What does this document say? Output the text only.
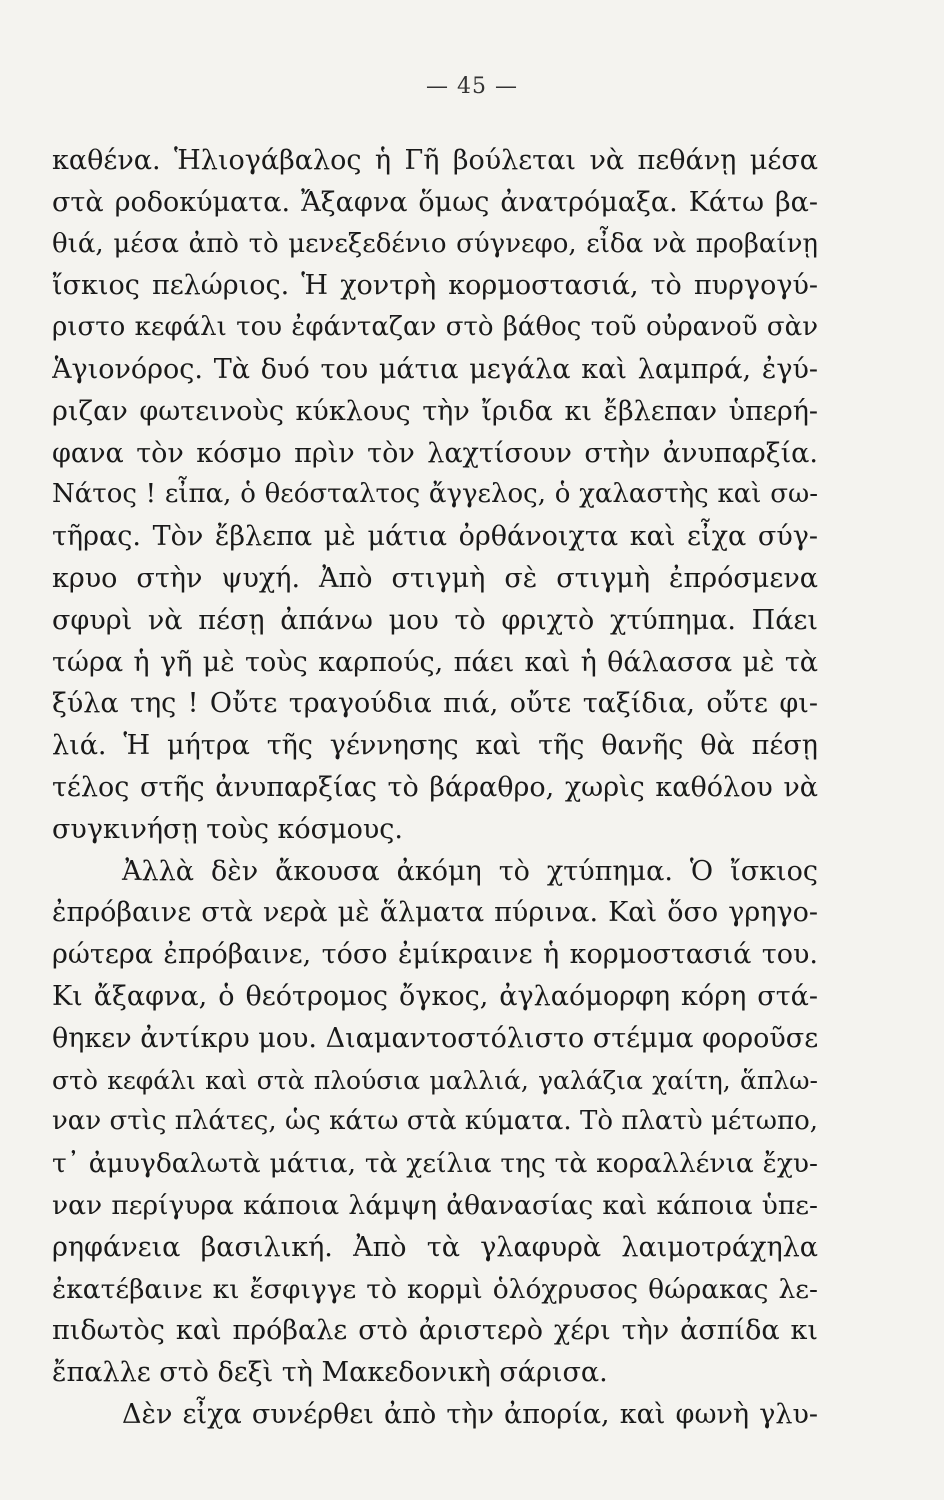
— 45 —
καθένα. Ἡλιογάβαλος ἡ Γῆ βούλεται νὰ πεθάνῃ μέσα
στὰ ροδοκύματα. Ἄξαφνα ὅμως ἀνατρόμαξα. Κάτω βα-
θιά, μέσα ἀπὸ τὸ μενεξεδένιο σύγνεφο, εἶδα νὰ προβαίνῃ
ἴσκιος πελώριος. Ἡ χοντρὴ κορμοστασιά, τὸ πυργογύ-
ριστο κεφάλι του ἐφάνταζαν στὸ βάθος τοῦ οὐρανοῦ σὰν
Ἁγιονόρος. Τὰ δυό του μάτια μεγάλα καὶ λαμπρά, ἐγύ-
ριζαν φωτεινοὺς κύκλους τὴν ἴριδα κι ἔβλεπαν ὑπερή-
φανα τὸν κόσμο πρὶν τὸν λαχτίσουν στὴν ἀνυπαρξία.
Νάτος ! εἶπα, ὁ θεόσταλτος ἄγγελος, ὁ χαλαστὴς καὶ σω-
τῆρας. Τὸν ἔβλεπα μὲ μάτια ὀρθάνοιχτα καὶ εἶχα σύγ-
κρυο στὴν ψυχή. Ἀπὸ στιγμὴ σὲ στιγμὴ ἐπρόσμενα
σφυρὶ νὰ πέσῃ ἀπάνω μου τὸ φριχτὸ χτύπημα. Πάει
τώρα ἡ γῆ μὲ τοὺς καρπούς, πάει καὶ ἡ θάλασσα μὲ τὰ
ξύλα της ! Οὔτε τραγούδια πιά, οὔτε ταξίδια, οὔτε φι-
λιά. Ἡ μήτρα τῆς γέννησης καὶ τῆς θανῆς θὰ πέσῃ
τέλος στῆς ἀνυπαρξίας τὸ βάραθρο, χωρὶς καθόλου νὰ
συγκινήσῃ τοὺς κόσμους.
Ἀλλὰ δὲν ἄκουσα ἀκόμη τὸ χτύπημα. Ὁ ἴσκιος
ἐπρόβαινε στὰ νερὰ μὲ ἅλματα πύρινα. Καὶ ὅσο γρηγο-
ρώτερα ἐπρόβαινε, τόσο ἐμίκραινε ἡ κορμοστασιά του.
Κι ἄξαφνα, ὁ θεότρομος ὄγκος, ἀγλαόμορφη κόρη στά-
θηκεν ἀντίκρυ μου. Διαμαντοστόλιστο στέμμα φοροῦσε
στὸ κεφάλι καὶ στὰ πλούσια μαλλιά, γαλάζια χαίτη, ἅπλω-
ναν στὶς πλάτες, ὡς κάτω στὰ κύματα. Τὸ πλατὺ μέτωπο,
τ᾽ ἀμυγδαλωτὰ μάτια, τὰ χείλια της τὰ κοραλλένια ἔχυ-
ναν περίγυρα κάποια λάμψη ἀθανασίας καὶ κάποια ὑπε-
ρηφάνεια βασιλική. Ἀπὸ τὰ γλαφυρὰ λαιμοτράχηλα
ἐκατέβαινε κι ἔσφιγγε τὸ κορμὶ ὁλόχρυσος θώρακας λε-
πιδωτὸς καὶ πρόβαλε στὸ ἀριστερὸ χέρι τὴν ἀσπίδα κι
ἔπαλλε στὸ δεξὶ τὴ Μακεδονικὴ σάρισα.
Δὲν εἶχα συνέρθει ἀπὸ τὴν ἀπορία, καὶ φωνὴ γλυ-
